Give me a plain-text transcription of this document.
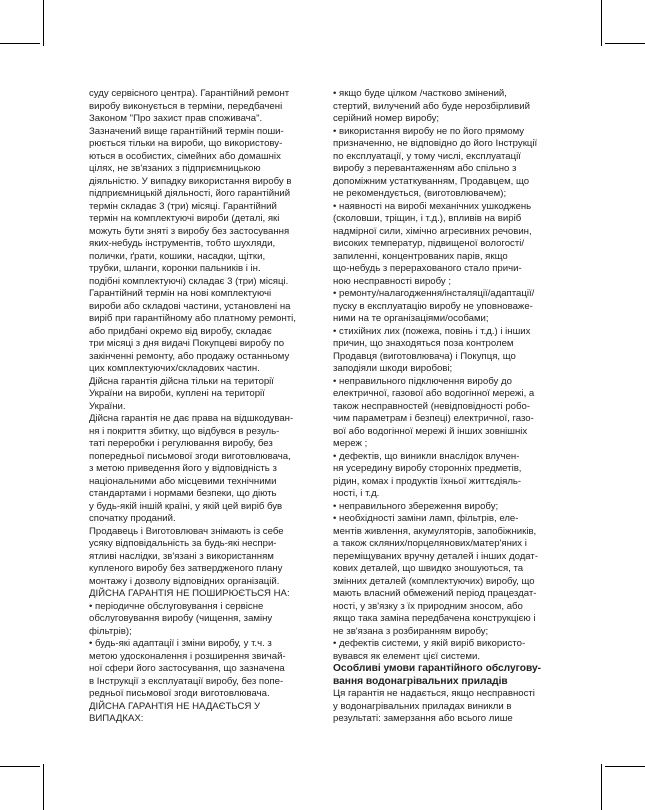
суду сервісного центра). Гарантійний ремонт
виробу виконується в терміни, передбачені
Законом "Про захист прав споживача".
Зазначений вище гарантійний термін поши-
рюється тільки на вироби, що використову-
ються в особистих, сімейних або домашніх
цілях, не зв'язаних з підприємницькою
діяльністю. У випадку використання виробу в
підприємницькій діяльності, його гарантійний
термін складає 3 (три) місяці. Гарантійний
термін на комплектуючі вироби (деталі, які
можуть бути зняті з виробу без застосування
яких-небудь інструментів, тобто шухляди,
полички, ґрати, кошики, насадки, щітки,
трубки, шланги, коронки пальників і ін.
подібні комплектуючі) складає 3 (три) місяці.
Гарантійний термін на нові комплектуючі
вироби або складові частини, установлені на
виріб при гарантійному або платному ремонті,
або придбані окремо від виробу, складає
три місяці з дня видачі Покупцеві виробу по
закінченні ремонту, або продажу останньому
цих комплектуючих/складових частин.
Дійсна гарантія дійсна тільки на території
України на вироби, куплені на території
України.
Дійсна гарантія не дає права на відшкодуван-
ня і покриття збитку, що відбувся в резуль-
таті переробки і регулювання виробу, без
попередньої письмової згоди виготовлювача,
з метою приведення його у відповідність з
національними або місцевими технічними
стандартами і нормами безпеки, що діють
у будь-якій іншій країні, у якій цей виріб був
спочатку проданий.
Продавець і Виготовлювач знімають із себе
усяку відповідальність за будь-які неспри-
ятливі наслідки, зв'язані з використанням
купленого виробу без затвердженого плану
монтажу і дозволу відповідних організацій.
ДІЙСНА ГАРАНТІЯ НЕ ПОШИРЮЄТЬСЯ НА:
• періодичне обслуговування і сервісне
обслуговування виробу (чищення, заміну
фільтрів);
• будь-які адаптації і зміни виробу, у т.ч. з
метою удосконалення і розширення звичай-
ної сфери його застосування, що зазначена
в Інструкції з експлуатації виробу, без попе-
редньої письмової згоди виготовлювача.
ДІЙСНА ГАРАНТІЯ НЕ НАДАЄТЬСЯ У
ВИПАДКАХ:
• якщо буде цілком /частково змінений,
стертий, вилучений або буде нерозбірливий
серійний номер виробу;
• використання виробу не по його прямому
призначенню, не відповідно до його Інструкції
по експлуатації, у тому числі, експлуатації
виробу з перевантаженням або спільно з
допоміжним устаткуванням, Продавцем, що
не рекомендується, (виготовлювачем);
• наявності на виробі механічних ушкоджень
(сколовши, тріщин, і т.д.), впливів на виріб
надмірної сили, хімічно агресивних речовин,
високих температур, підвищеної вологості/
запиленні, концентрованих парів, якщо
що-небудь з перерахованого стало причи-
ною несправності виробу ;
• ремонту/налагодження/інсталяції/адаптації/
пуску в експлуатацію виробу не уповноваже-
ними на те організаціями/особами;
• стихійних лих (пожежа, повінь і т.д.) і інших
причин, що знаходяться поза контролем
Продавця (виготовлювача) і Покупця, що
заподіяли шкоди виробові;
• неправильного підключення виробу до
електричної, газової або водогінної мережі, а
також несправностей (невідповідності робо-
чим параметрам і безпеці) електричної, газо-
вої або водогінної мережі й інших зовнішніх
мереж ;
• дефектів, що виникли внаслідок влучен-
ня усередину виробу сторонніх предметів,
рідин, комах і продуктів їхньої життєдіяль-
ності, і т.д.
• неправильного збереження виробу;
• необхідності заміни ламп, фільтрів, еле-
ментів живлення, акумуляторів, запобіжників,
а також скляних/порцелянових/матер'яних і
переміщуваних вручну деталей і інших додат-
кових деталей, що швидко зношуються, та
змінних деталей (комплектуючих) виробу, що
мають власний обмежений період працездат-
ності, у зв'язку з їх природним зносом, або
якщо така заміна передбачена конструкцією і
не зв'язана з розбиранням виробу;
• дефектів системи, у якій виріб використо-
вувався як елемент цієї системи.
Особливі умови гарантійного обслугову-
вання водонагрівальних приладів
Ця гарантія не надається, якщо несправності
у водонагрівальних приладах виникли в
результаті: замерзання або всього лише
